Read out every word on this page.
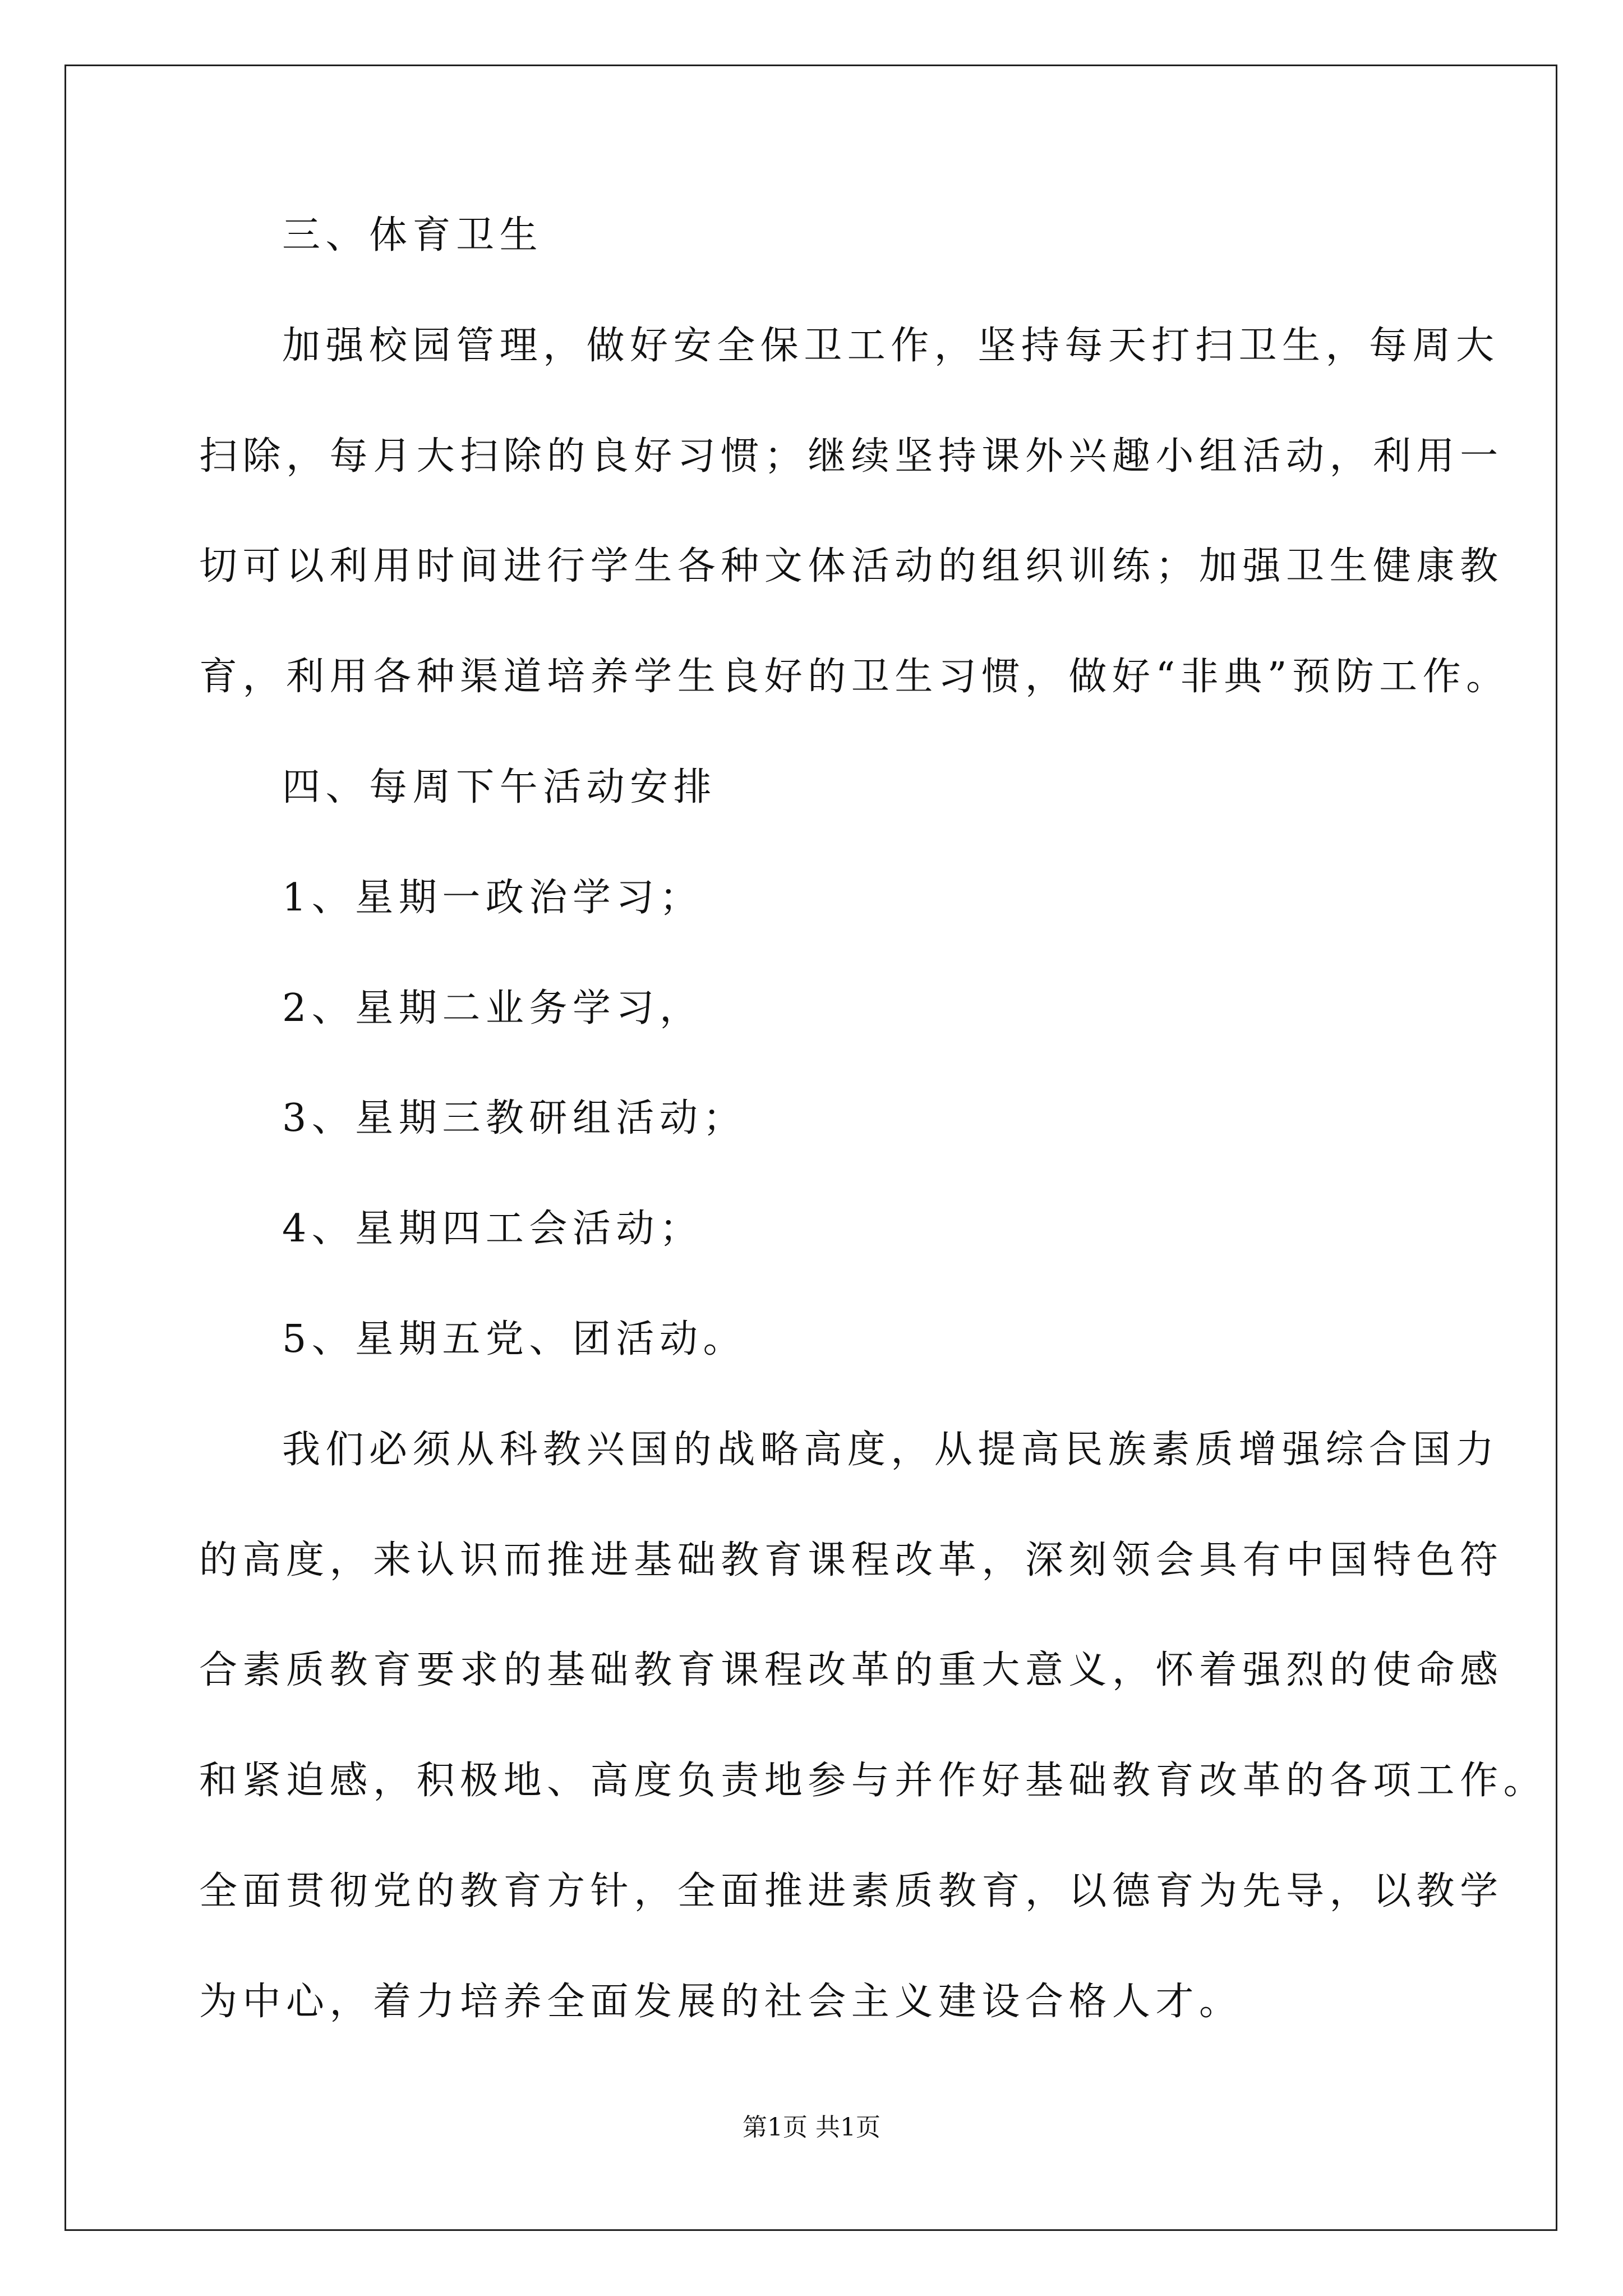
三、体育卫生
加强校园管理，做好安全保卫工作，坚持每天打扫卫生，每周大
扫除，每月大扫除的良好习惯；继续坚持课外兴趣小组活动，利用一
切可以利用时间进行学生各种文体活动的组织训练；加强卫生健康教
育，利用各种渠道培养学生良好的卫生习惯，做好“非典”预防工作。
四、每周下午活动安排
1、星期一政治学习；
2、星期二业务学习，
3、星期三教研组活动；
4、星期四工会活动；
5、星期五党、团活动。
我们必须从科教兴国的战略高度，从提高民族素质增强综合国力
的高度，来认识而推进基础教育课程改革，深刻领会具有中国特色符
合素质教育要求的基础教育课程改革的重大意义，怀着强烈的使命感
和紧迫感，积极地、高度负责地参与并作好基础教育改革的各项工作。
全面贯彻党的教育方针，全面推进素质教育，以德育为先导，以教学
为中心，着力培养全面发展的社会主义建设合格人才。
第1页 共1页
